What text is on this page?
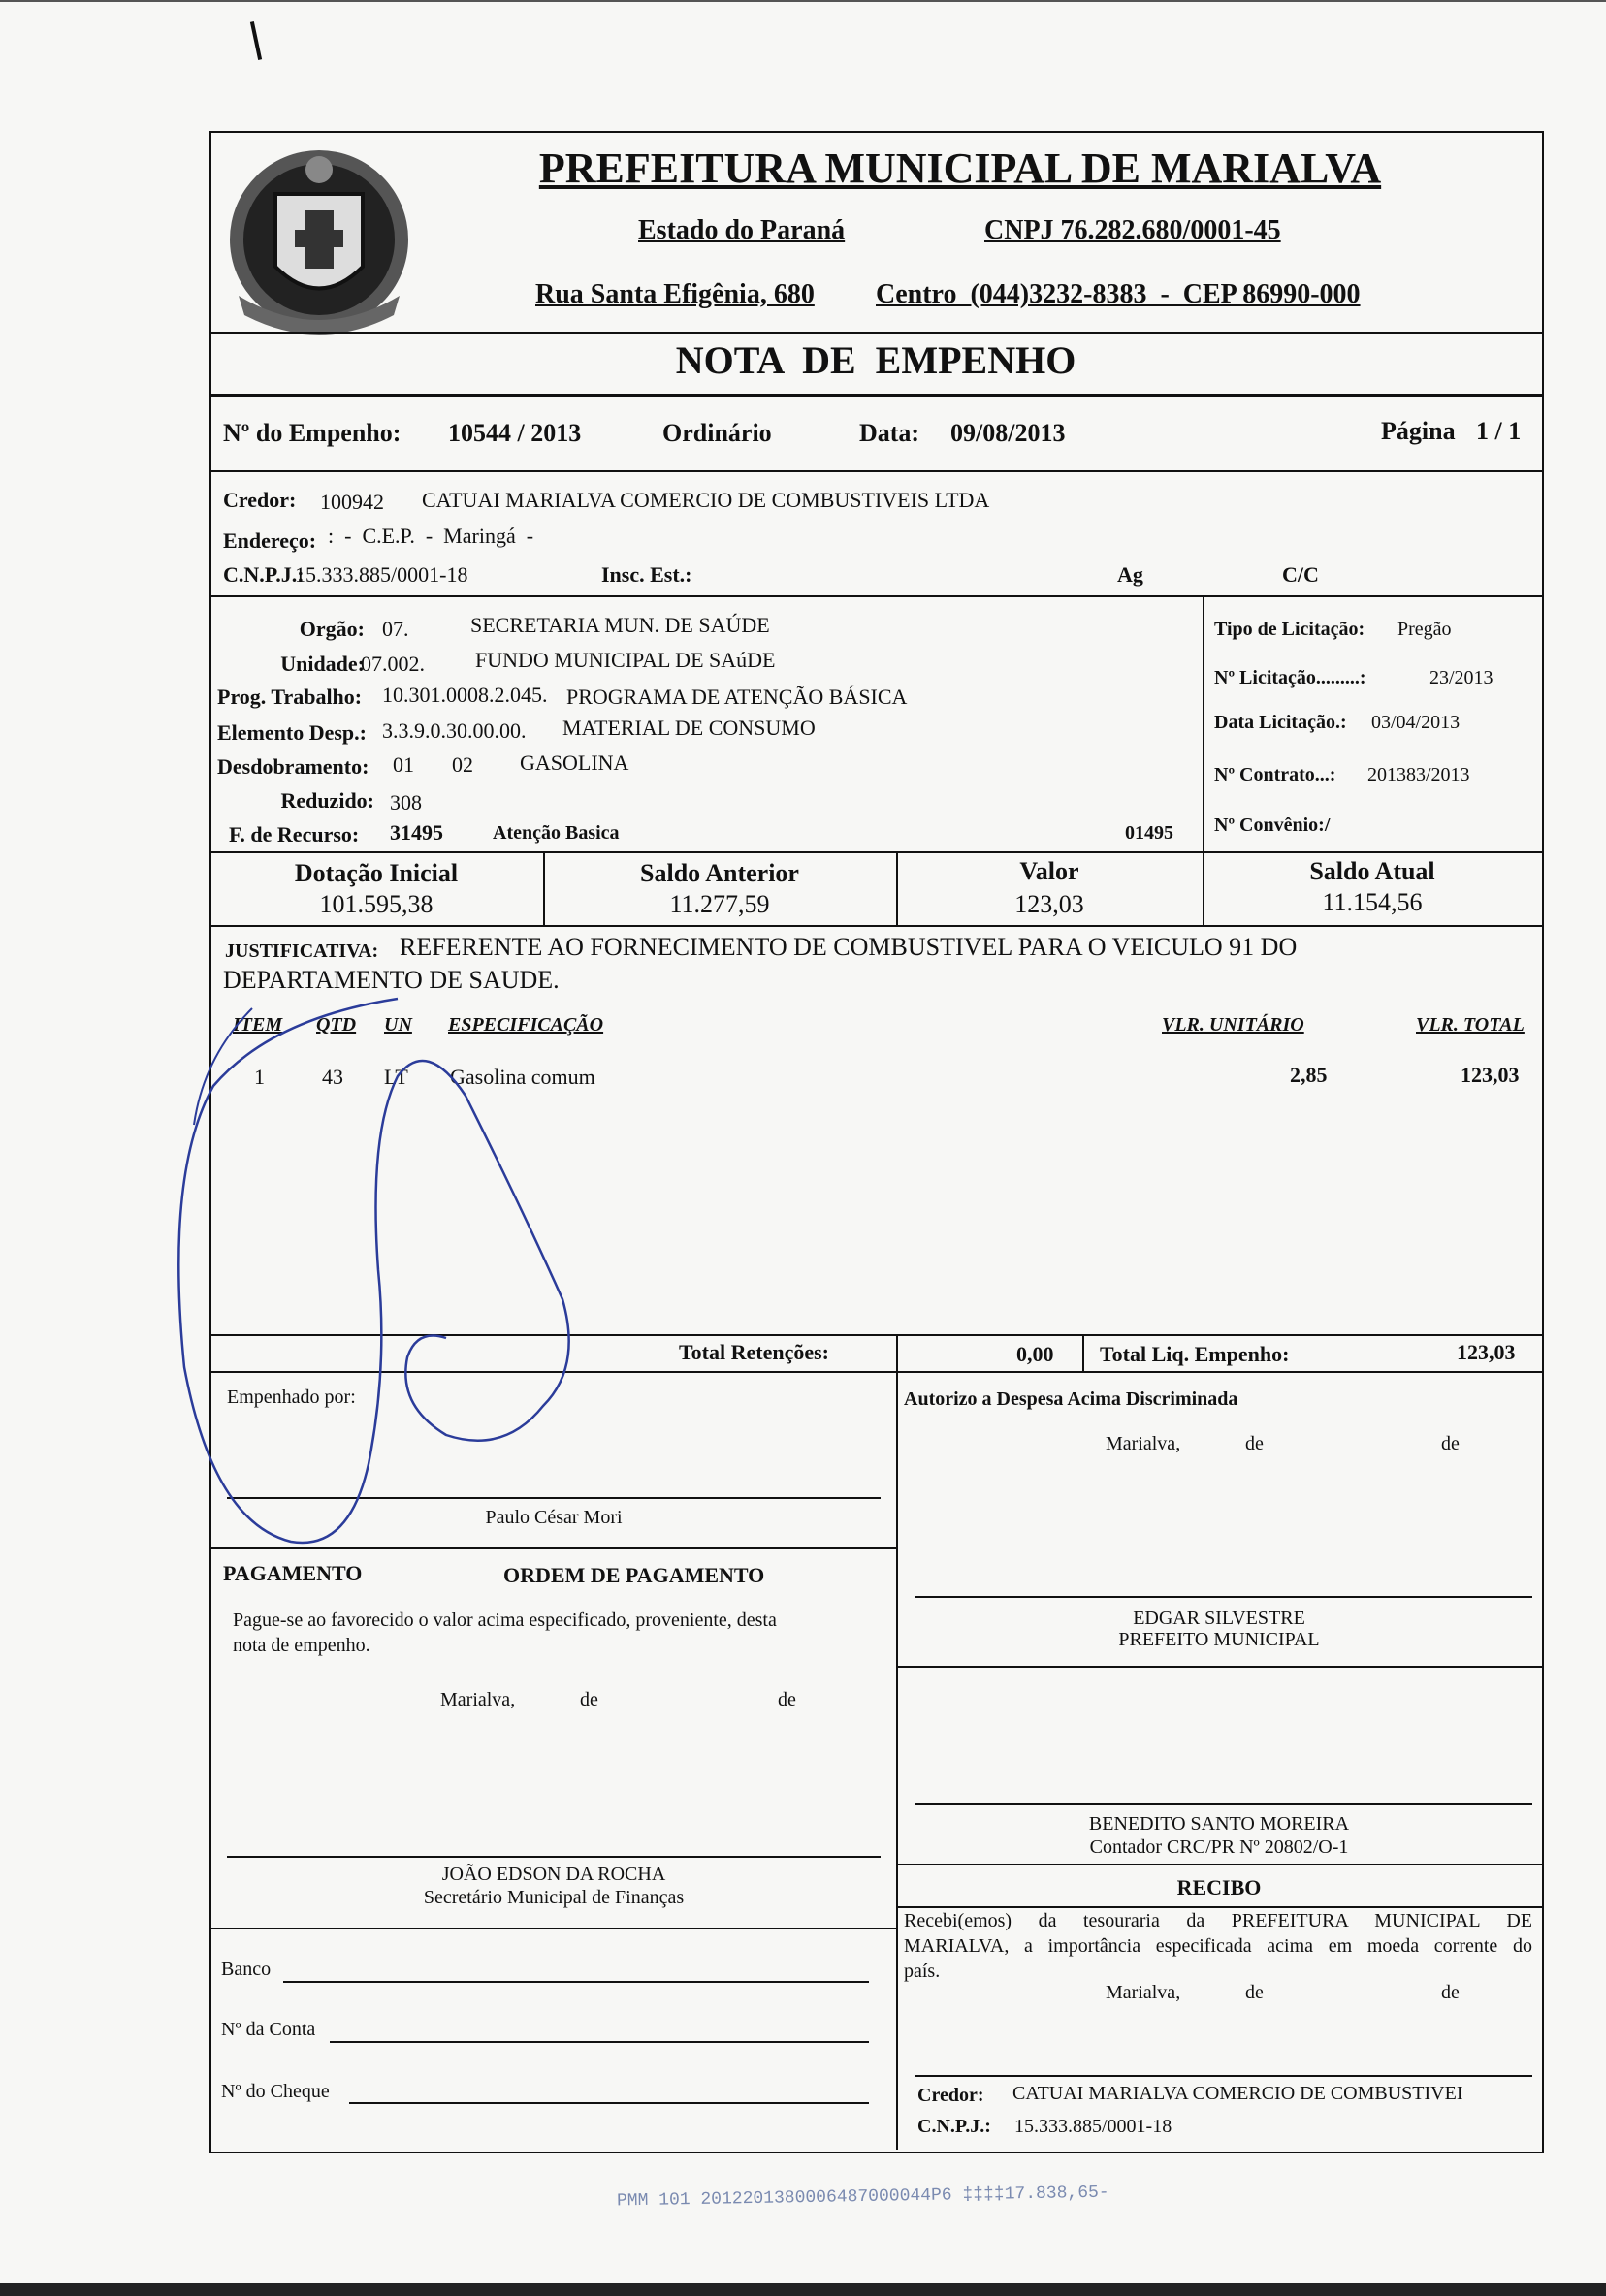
PREFEITURA MUNICIPAL DE MARIALVA
Estado do Paraná	CNPJ 76.282.680/0001-45
Rua Santa Efigênia, 680 Centro  (044)3232-8383  -  CEP 86990-000
NOTA  DE  EMPENHO
Nº do Empenho: 10544 / 2013	Ordinário	Data: 09/08/2013	Página 1 / 1
Credor: 100942 CATUAI MARIALVA COMERCIO DE COMBUSTIVEIS LTDA
Endereço: :  -  C.E.P.  -  Maringá  -
C.N.P.J.:
15.333.885/0001-18	Insc. Est.:	Ag	C/C
Orgão: 07.	SECRETARIA MUN. DE SAÚDE
Unidade:
07.002. FUNDO MUNICIPAL DE SAúDE
Prog. Trabalho: 10.301.0008.2.045. PROGRAMA DE ATENÇÃO BÁSICA
Elemento Desp.: 3.3.9.0.30.00.00. MATERIAL DE CONSUMO
Desdobramento: 01 02 GASOLINA
Reduzido: 308
F. de Recurso: 31495	Atenção Basica	01495
Tipo de Licitação: Pregão
Nº Licitação.........:	23/2013
Data Licitação.: 03/04/2013
Nº Contrato...: 201383/2013
Nº Convênio:/
Dotação Inicial
101.595,38
Saldo Anterior
11.277,59
Valor
123,03
Saldo Atual
11.154,56
JUSTIFICATIVA: REFERENTE AO FORNECIMENTO DE COMBUSTIVEL PARA O VEICULO 91 DO
DEPARTAMENTO DE SAUDE.
ITEM QTD UN ESPECIFICAÇÃO	VLR. UNITÁRIO	VLR. TOTAL
1	43 LT Gasolina comum	2,85	123,03
Total Retenções:	0,00 Total Liq. Empenho:	123,03
Empenhado por:
Paulo César Mori
Autorizo a Despesa Acima Discriminada
Marialva,	de	de
PAGAMENTO	ORDEM DE PAGAMENTO
Pague-se ao favorecido o valor acima especificado, proveniente, desta
nota de empenho.
Marialva,	de	de
EDGAR SILVESTRE
PREFEITO MUNICIPAL
BENEDITO SANTO MOREIRA
Contador CRC/PR Nº 20802/O-1
JOÃO EDSON DA ROCHA
Secretário Municipal de Finanças	RECIBO
Recebi(emos) da tesouraria da PREFEITURA MUNICIPAL DE
MARIALVA, a importância especificada acima em moeda corrente do
país.
Marialva,	de	de
Banco
Nº da Conta
Nº do Cheque	Credor: CATUAI MARIALVA COMERCIO DE COMBUSTIVEI
C.N.P.J.: 15.333.885/0001-18
PMM 101 2012201380006487000044P6 ‡‡‡‡17.838,65-
